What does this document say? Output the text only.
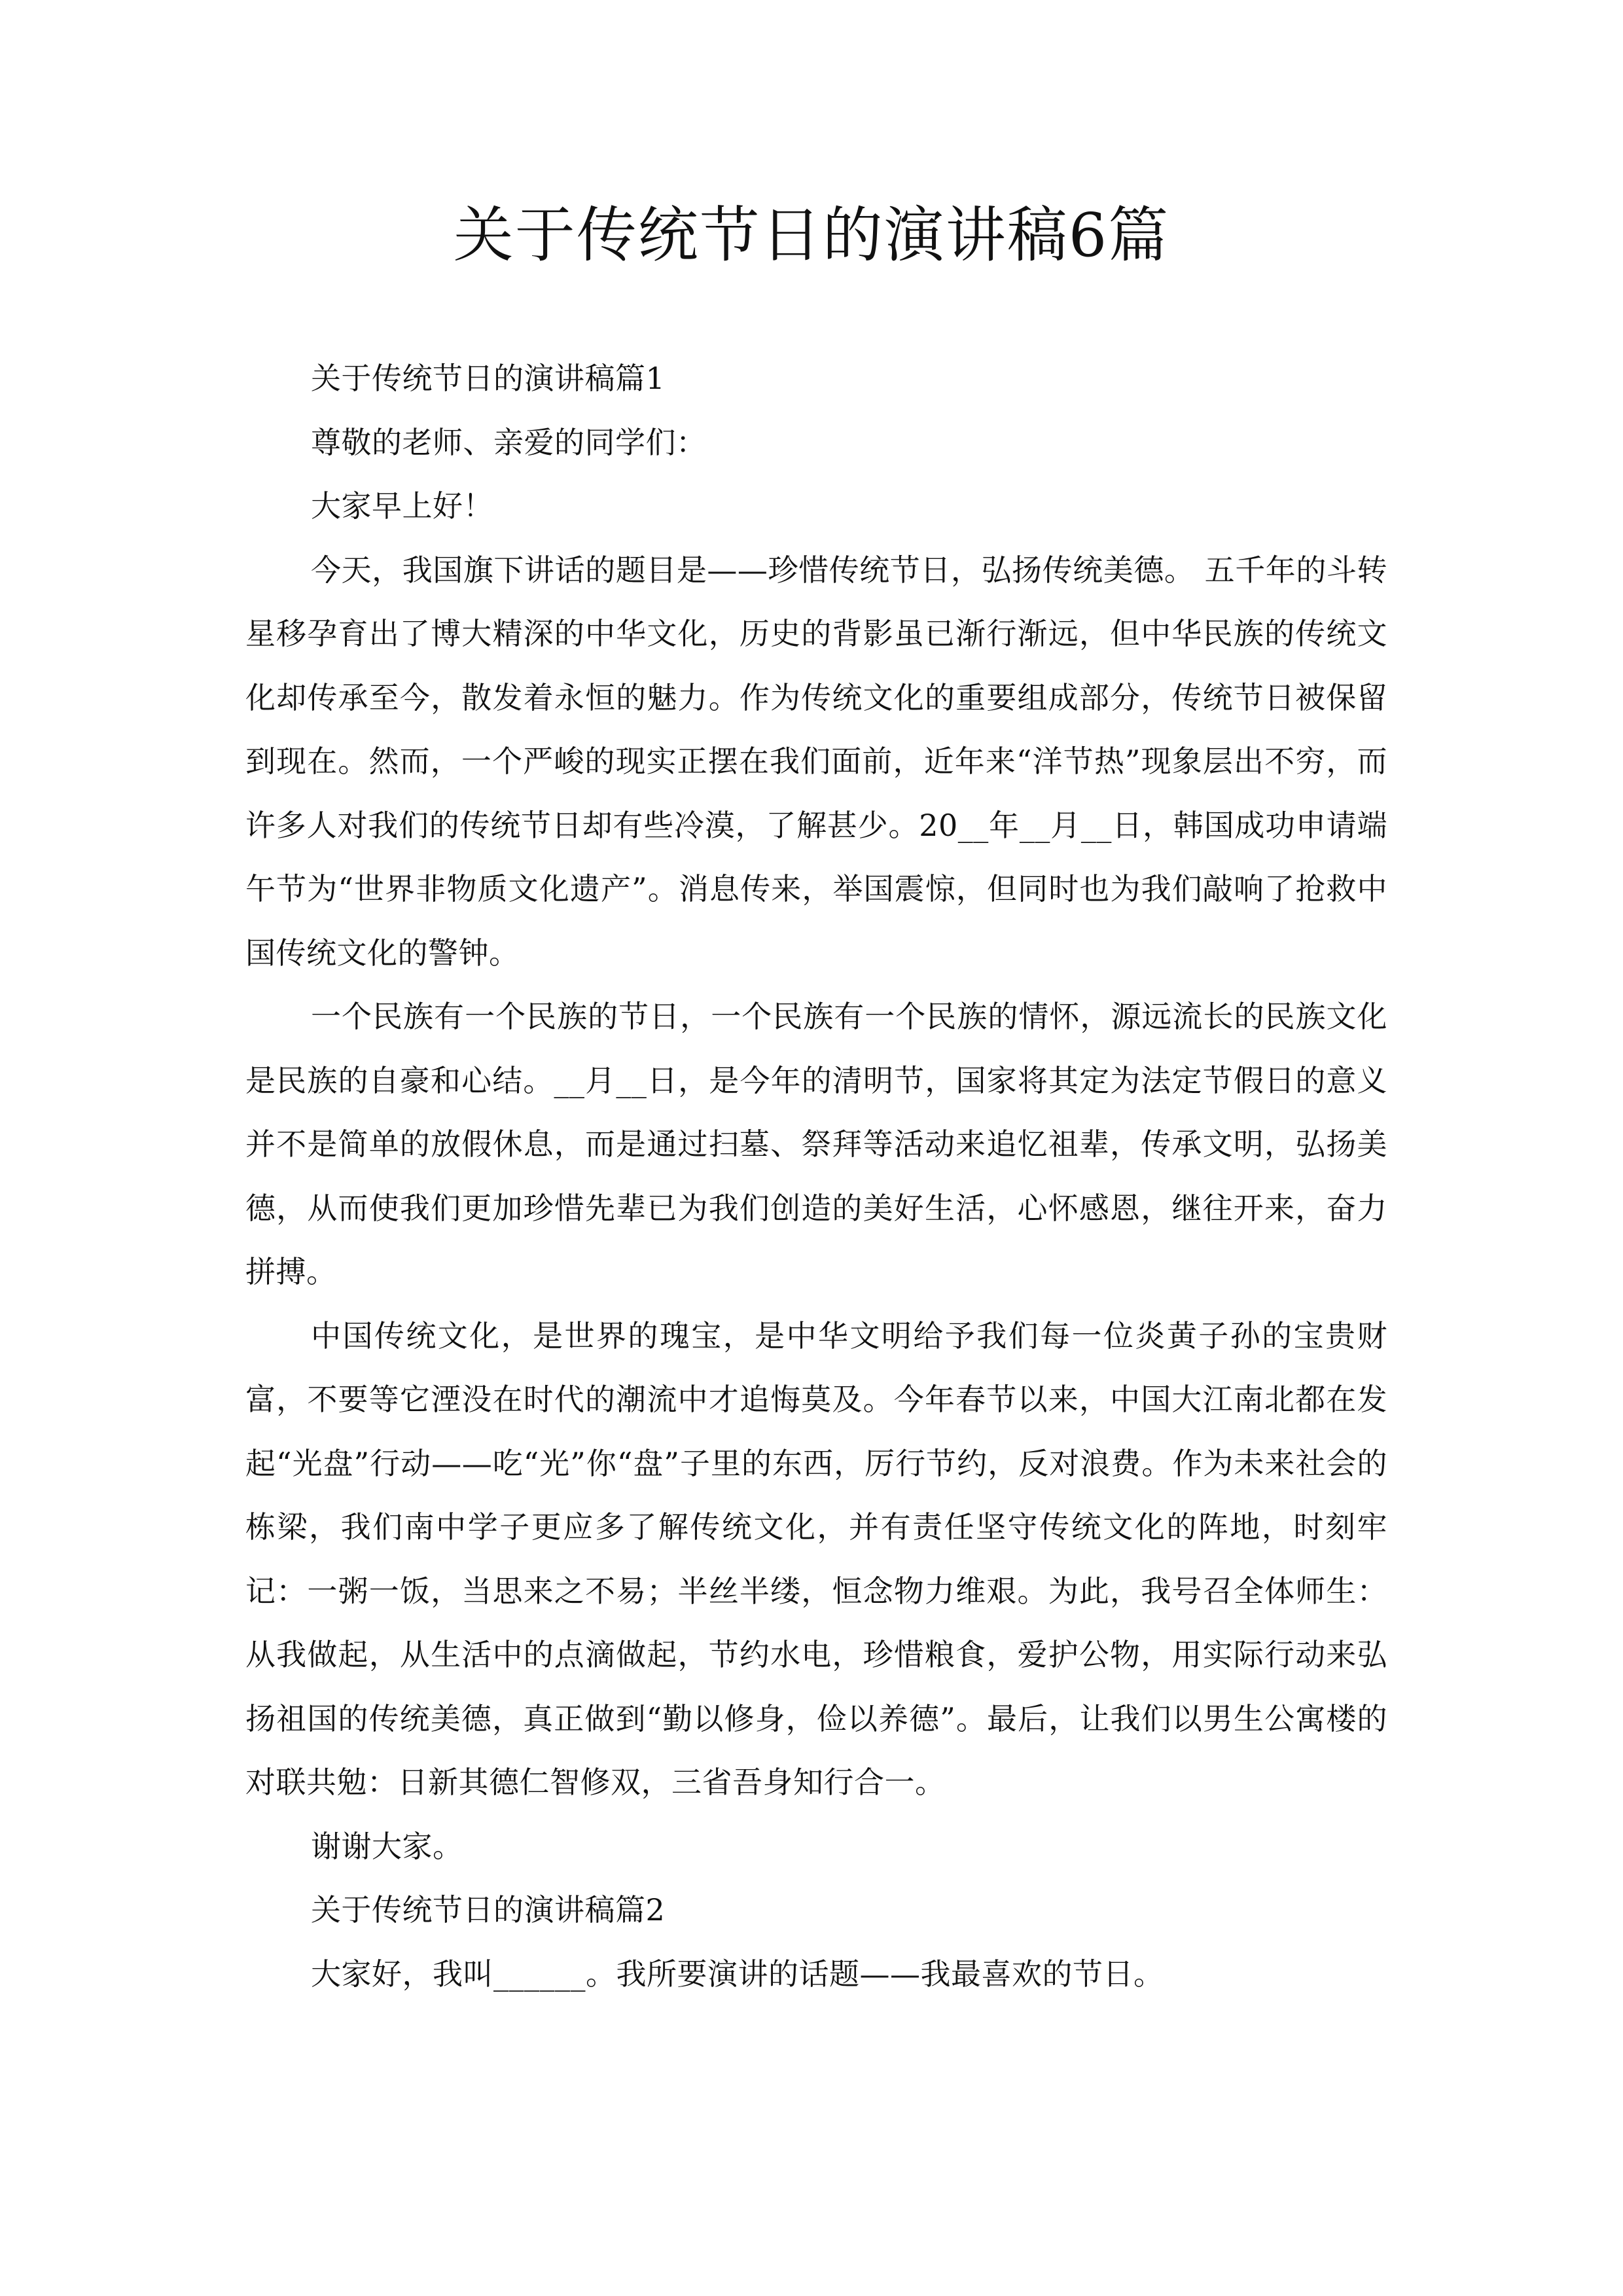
关于传统节日的演讲稿6篇

关于传统节日的演讲稿篇1

尊敬的老师、亲爱的同学们：

大家早上好！

今天，我国旗下讲话的题目是——珍惜传统节日，弘扬传统美德。 五千年的斗转星移孕育出了博大精深的中华文化，历史的背影虽已渐行渐远，但中华民族的传统文化却传承至今，散发着永恒的魅力。作为传统文化的重要组成部分，传统节日被保留到现在。然而，一个严峻的现实正摆在我们面前，近年来“洋节热”现象层出不穷，而许多人对我们的传统节日却有些冷漠，了解甚少。20__年__月__日，韩国成功申请端午节为“世界非物质文化遗产”。消息传来，举国震惊，但同时也为我们敲响了抢救中国传统文化的警钟。

一个民族有一个民族的节日，一个民族有一个民族的情怀，源远流长的民族文化是民族的自豪和心结。__月__日，是今年的清明节，国家将其定为法定节假日的意义并不是简单的放假休息，而是通过扫墓、祭拜等活动来追忆祖辈，传承文明，弘扬美德，从而使我们更加珍惜先辈已为我们创造的美好生活，心怀感恩，继往开来，奋力拼搏。

中国传统文化，是世界的瑰宝，是中华文明给予我们每一位炎黄子孙的宝贵财富，不要等它湮没在时代的潮流中才追悔莫及。今年春节以来，中国大江南北都在发起“光盘”行动——吃“光”你“盘”子里的东西，厉行节约，反对浪费。作为未来社会的栋梁，我们南中学子更应多了解传统文化，并有责任坚守传统文化的阵地，时刻牢记：一粥一饭，当思来之不易；半丝半缕，恒念物力维艰。为此，我号召全体师生：从我做起，从生活中的点滴做起，节约水电，珍惜粮食，爱护公物，用实际行动来弘扬祖国的传统美德，真正做到“勤以修身，俭以养德”。最后，让我们以男生公寓楼的对联共勉：日新其德仁智修双，三省吾身知行合一。

谢谢大家。

关于传统节日的演讲稿篇2

大家好，我叫______。我所要演讲的话题——我最喜欢的节日。
